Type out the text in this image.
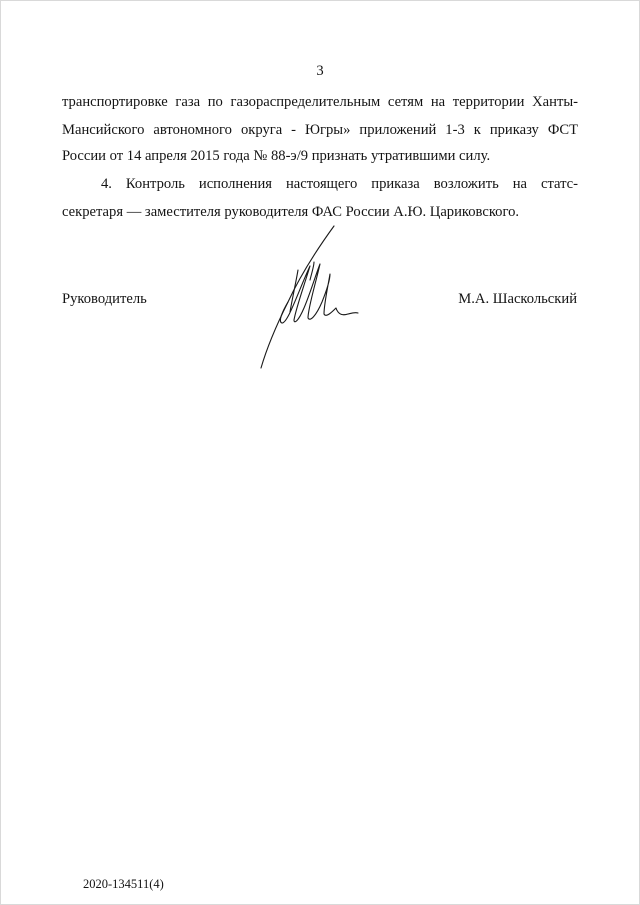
3
транспортировке газа по газораспределительным сетям на территории Ханты-
Мансийского автономного округа - Югры» приложений 1-3 к приказу ФСТ
России от 14 апреля 2015 года № 88-э/9 признать утратившими силу.
4. Контроль исполнения настоящего приказа возложить на статс-
секретаря — заместителя руководителя ФАС России А.Ю. Цариковского.
Руководитель	М.А. Шаскольский
2020-134511(4)
